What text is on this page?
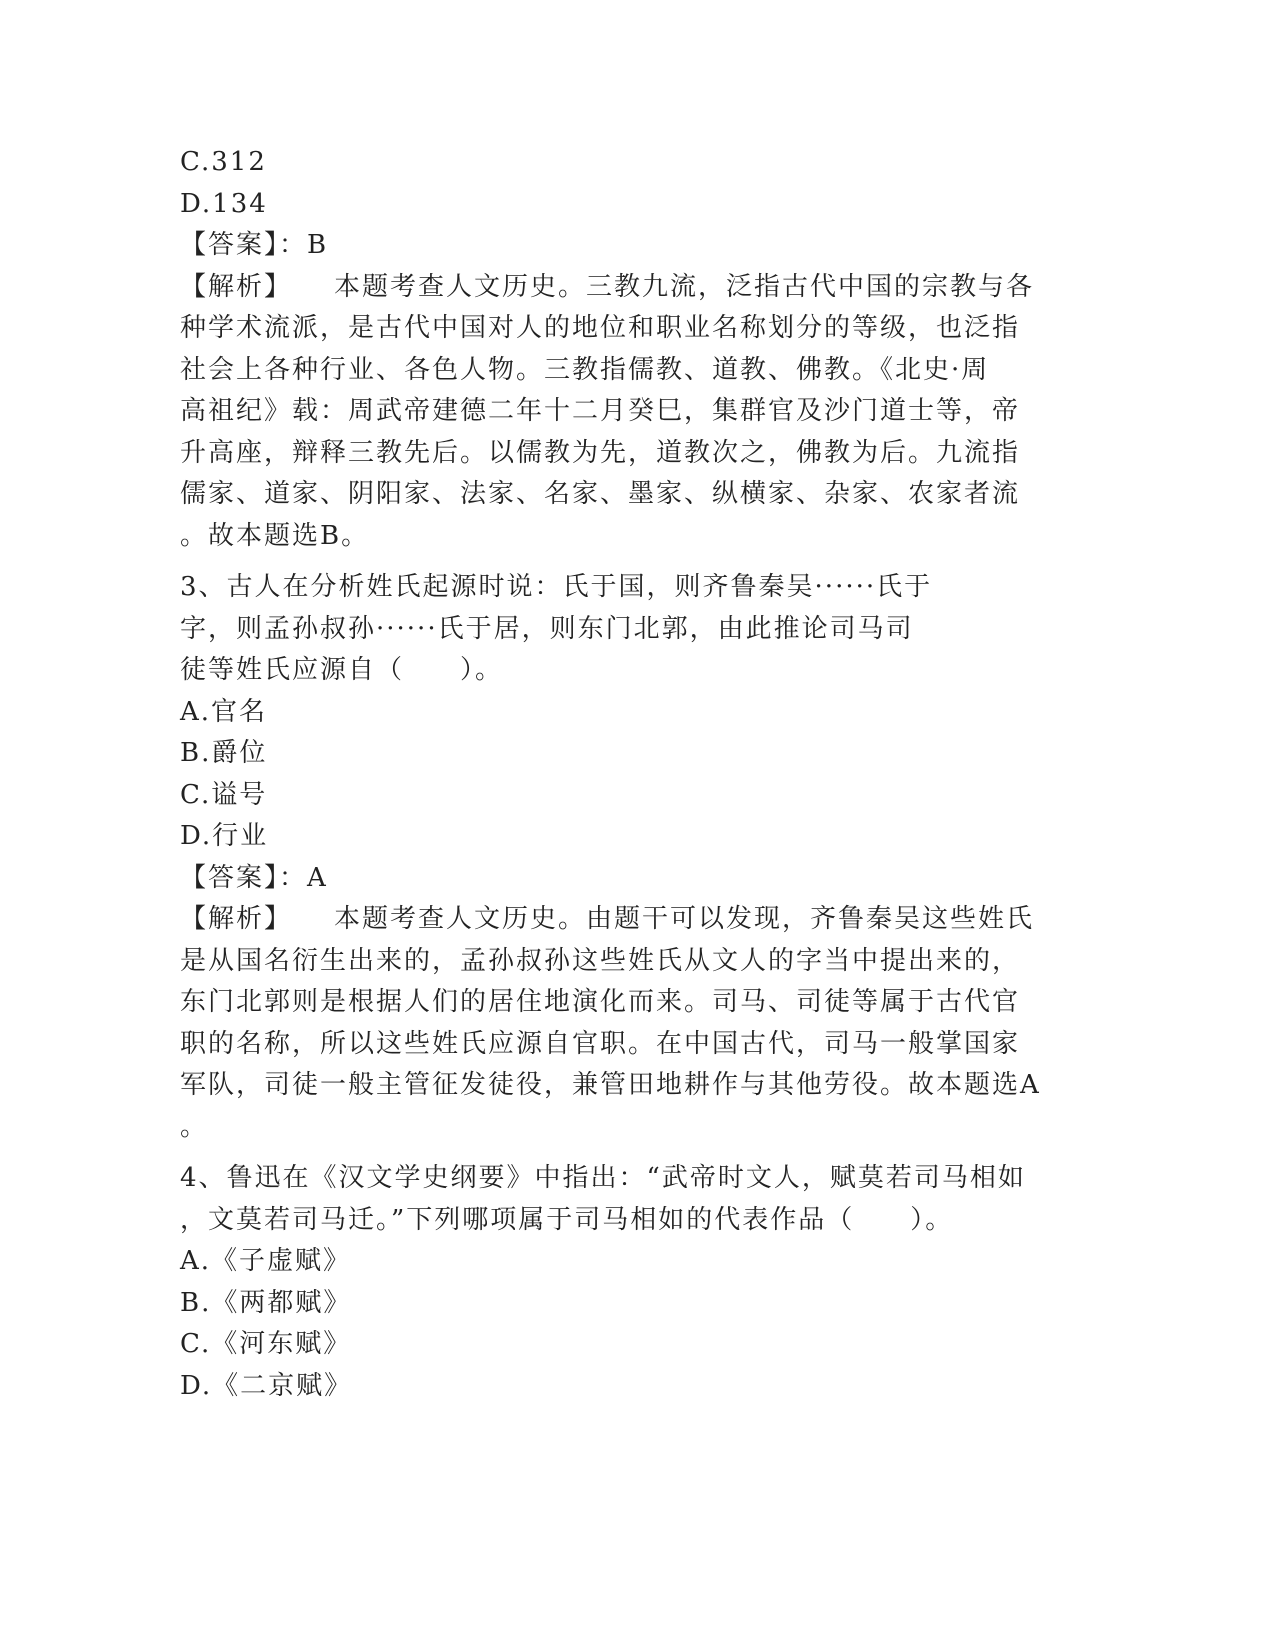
C.312
D.134
【答案】：B
【解析】 本题考查人文历史。三教九流，泛指古代中国的宗教与各
种学术流派，是古代中国对人的地位和职业名称划分的等级，也泛指
社会上各种行业、各色人物。三教指儒教、道教、佛教。《北史·周
高祖纪》载：周武帝建德二年十二月癸巳，集群官及沙门道士等，帝
升高座，辩释三教先后。以儒教为先，道教次之，佛教为后。九流指
儒家、道家、阴阳家、法家、名家、墨家、纵横家、杂家、农家者流
。故本题选B。
3、古人在分析姓氏起源时说：氏于国，则齐鲁秦吴······氏于
字，则孟孙叔孙······氏于居，则东门北郭，由此推论司马司
徒等姓氏应源自（　　）。
A.官名
B.爵位
C.谥号
D.行业
【答案】：A
【解析】 本题考查人文历史。由题干可以发现，齐鲁秦吴这些姓氏
是从国名衍生出来的，孟孙叔孙这些姓氏从文人的字当中提出来的，
东门北郭则是根据人们的居住地演化而来。司马、司徒等属于古代官
职的名称，所以这些姓氏应源自官职。在中国古代，司马一般掌国家
军队，司徒一般主管征发徒役，兼管田地耕作与其他劳役。故本题选A
。
4、鲁迅在《汉文学史纲要》中指出：“武帝时文人，赋莫若司马相如
，文莫若司马迁。”下列哪项属于司马相如的代表作品（　　）。
A.《子虚赋》
B.《两都赋》
C.《河东赋》
D.《二京赋》
